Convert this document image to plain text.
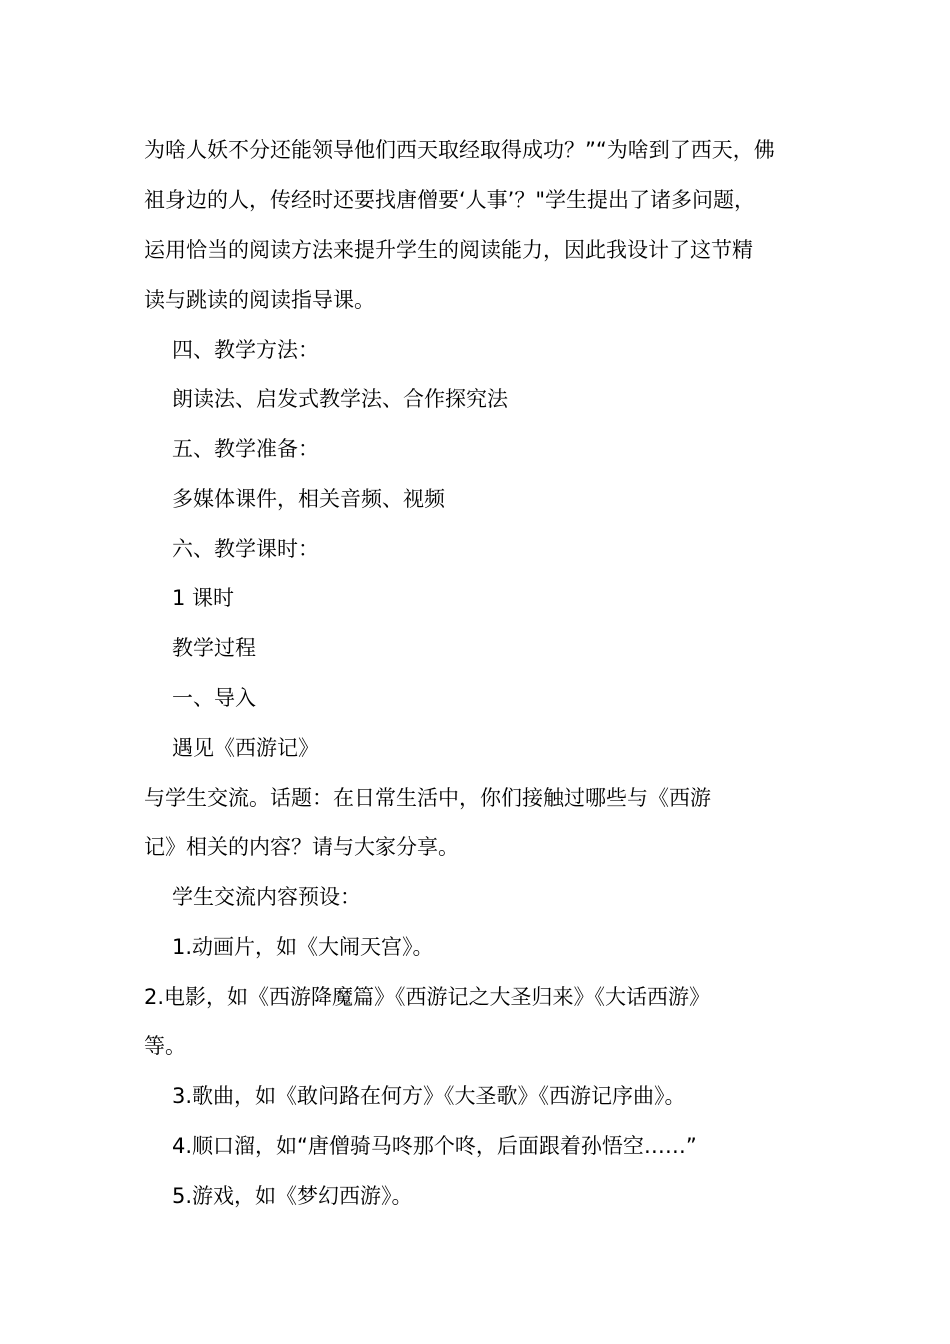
为啥人妖不分还能领导他们西天取经取得成功？”“为啥到了西天，佛
祖身边的人，传经时还要找唐僧要‘人事’？"学生提出了诸多问题，
运用恰当的阅读方法来提升学生的阅读能力，因此我设计了这节精
读与跳读的阅读指导课。
四、教学方法：
朗读法、启发式教学法、合作探究法
五、教学准备：
多媒体课件，相关音频、视频
六、教学课时：
1 课时
教学过程
一、导入
遇见《西游记》
与学生交流。话题：在日常生活中，你们接触过哪些与《西游
记》相关的内容？请与大家分享。
学生交流内容预设：
1.动画片，如《大闹天宫》。
2.电影，如《西游降魔篇》《西游记之大圣归来》《大话西游》
等。
3.歌曲，如《敢问路在何方》《大圣歌》《西游记序曲》。
4.顺口溜，如“唐僧骑马咚那个咚，后面跟着孙悟空……”
5.游戏，如《梦幻西游》。
